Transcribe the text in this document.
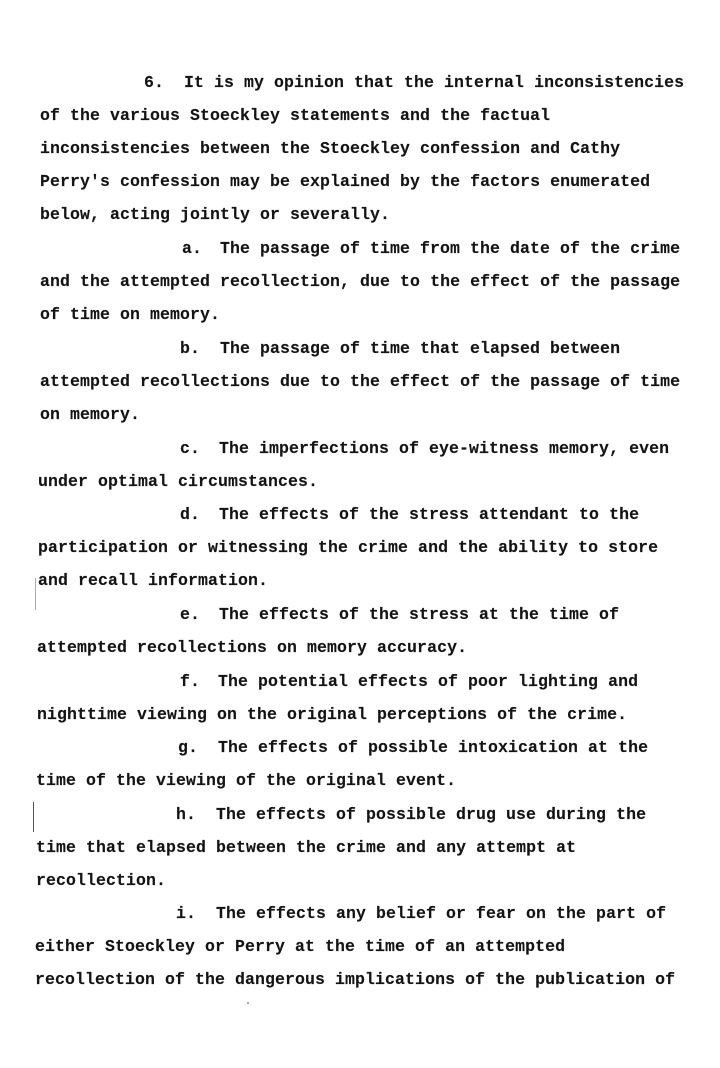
6.  It is my opinion that the internal inconsistencies
of the various Stoeckley statements and the factual
inconsistencies between the Stoeckley confession and Cathy
Perry's confession may be explained by the factors enumerated
below, acting jointly or severally.
a. The passage of time from the date of the crime
and the attempted recollection, due to the effect of the passage
of time on memory.
b. The passage of time that elapsed between
attempted recollections due to the effect of the passage of time
on memory.
c. The imperfections of eye-witness memory, even
under optimal circumstances.
d. The effects of the stress attendant to the
participation or witnessing the crime and the ability to store
and recall information.
e. The effects of the stress at the time of
attempted recollections on memory accuracy.
f. The potential effects of poor lighting and
nighttime viewing on the original perceptions of the crime.
g. The effects of possible intoxication at the
time of the viewing of the original event.
h. The effects of possible drug use during the
time that elapsed between the crime and any attempt at
recollection.
i. The effects any belief or fear on the part of
either Stoeckley or Perry at the time of an attempted
recollection of the dangerous implications of the publication of
